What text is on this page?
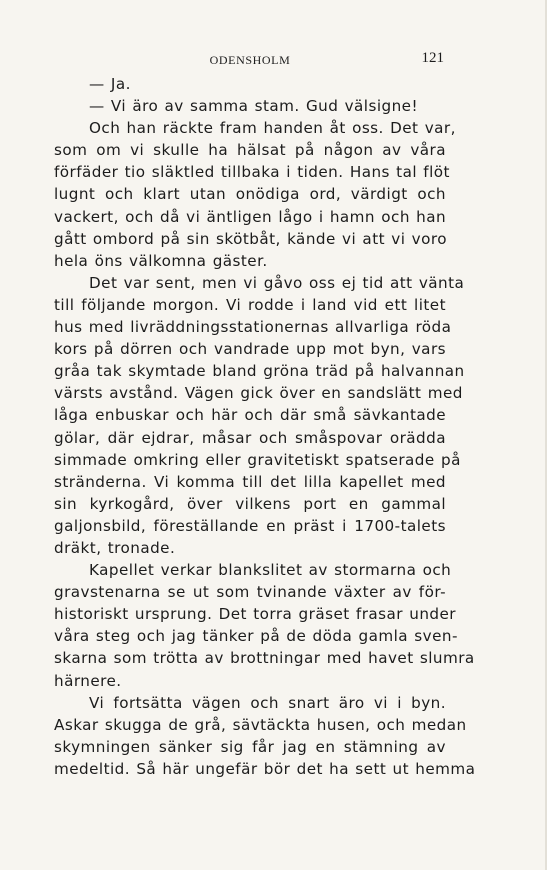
ODENSHOLM	121
— Ja.
— Vi äro av samma stam. Gud välsigne!
Och han räckte fram handen åt oss. Det var,
som om vi skulle ha hälsat på någon av våra
förfäder tio släktled tillbaka i tiden. Hans tal flöt
lugnt och klart utan onödiga ord, värdigt och
vackert, och då vi äntligen lågo i hamn och han
gått ombord på sin skötbåt, kände vi att vi voro
hela öns välkomna gäster.
Det var sent, men vi gåvo oss ej tid att vänta
till följande morgon. Vi rodde i land vid ett litet
hus med livräddningsstationernas allvarliga röda
kors på dörren och vandrade upp mot byn, vars
gråa tak skymtade bland gröna träd på halvannan
värsts avstånd. Vägen gick över en sandslätt med
låga enbuskar och här och där små sävkantade
gölar, där ejdrar, måsar och småspovar orädda
simmade omkring eller gravitetiskt spatserade på
stränderna. Vi komma till det lilla kapellet med
sin kyrkogård, över vilkens port en gammal
galjonsbild, föreställande en präst i 1700-talets
dräkt, tronade.
Kapellet verkar blankslitet av stormarna och
gravstenarna se ut som tvinande växter av för-
historiskt ursprung. Det torra gräset frasar under
våra steg och jag tänker på de döda gamla sven-
skarna som trötta av brottningar med havet slumra
härnere.
Vi fortsätta vägen och snart äro vi i byn.
Askar skugga de grå, sävtäckta husen, och medan
skymningen sänker sig får jag en stämning av
medeltid. Så här ungefär bör det ha sett ut hemma
